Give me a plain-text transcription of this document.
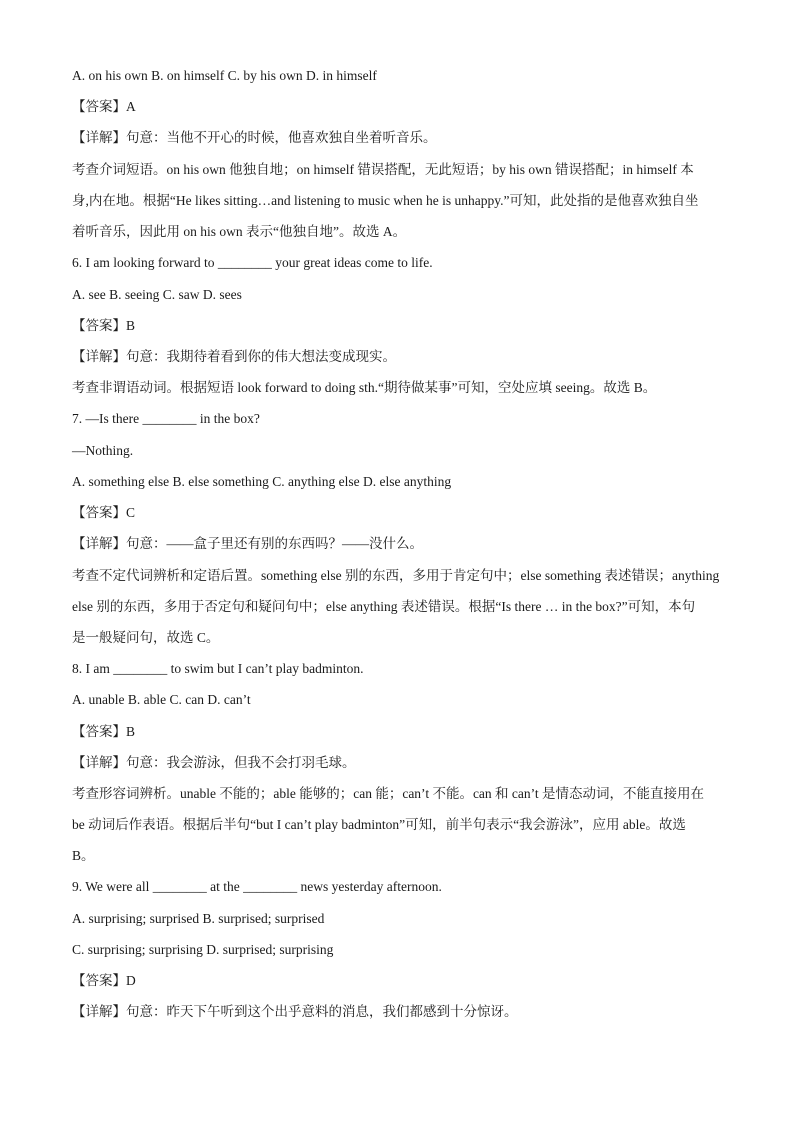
A. on his own B. on himself C. by his own D. in himself
【答案】A
【详解】句意：当他不开心的时候，他喜欢独自坐着听音乐。
考查介词短语。on his own 他独自地；on himself 错误搭配，无此短语；by his own 错误搭配；in himself 本
身,内在地。根据“He likes sitting…and listening to music when he is unhappy.”可知，此处指的是他喜欢独自坐
着听音乐，因此用 on his own 表示“他独自地”。故选 A。
6. I am looking forward to ________ your great ideas come to life.
A. see B. seeing C. saw D. sees
【答案】B
【详解】句意：我期待着看到你的伟大想法变成现实。
考查非谓语动词。根据短语 look forward to doing sth.“期待做某事”可知，空处应填 seeing。故选 B。
7. —Is there ________ in the box?
—Nothing.
A. something else B. else something C. anything else D. else anything
【答案】C
【详解】句意：——盒子里还有别的东西吗？——没什么。
考查不定代词辨析和定语后置。something else 别的东西，多用于肯定句中；else something 表述错误；anything
else 别的东西，多用于否定句和疑问句中；else anything 表述错误。根据“Is there … in the box?”可知，本句
是一般疑问句，故选 C。
8. I am ________ to swim but I can’t play badminton.
A. unable B. able C. can D. can’t
【答案】B
【详解】句意：我会游泳，但我不会打羽毛球。
考查形容词辨析。unable 不能的；able 能够的；can 能；can’t 不能。can 和 can’t 是情态动词，不能直接用在
be 动词后作表语。根据后半句“but I can’t play badminton”可知，前半句表示“我会游泳”，应用 able。故选
B。
9. We were all ________ at the ________ news yesterday afternoon.
A. surprising; surprised B. surprised; surprised
C. surprising; surprising D. surprised; surprising
【答案】D
【详解】句意：昨天下午听到这个出乎意料的消息，我们都感到十分惊讶。
